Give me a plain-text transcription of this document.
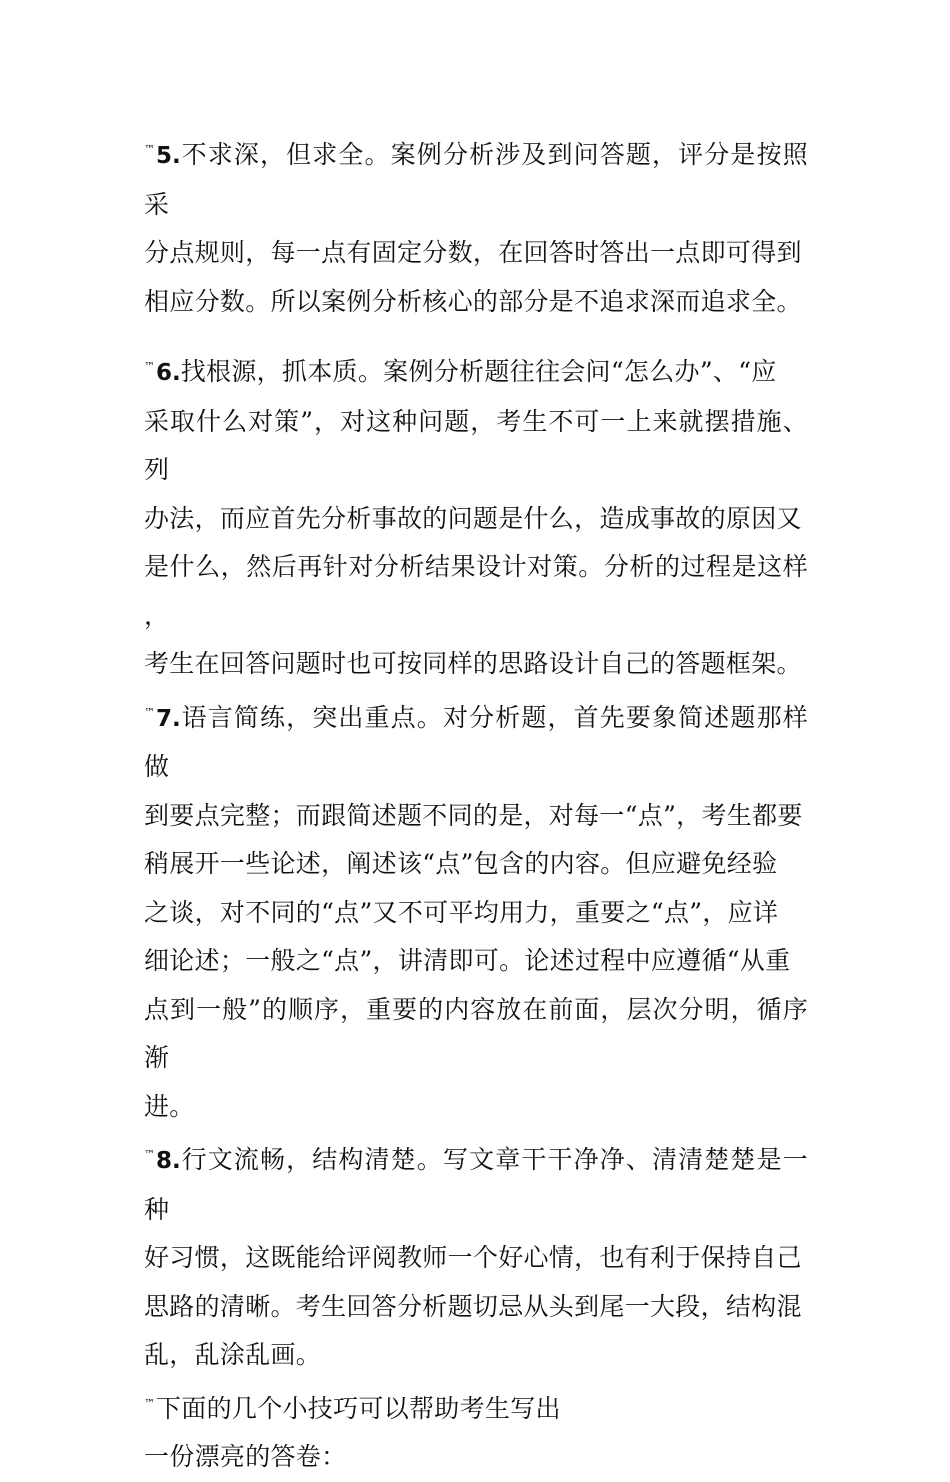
™5.不求深，但求全。案例分析涉及到问答题，评分是按照采
分点规则，每一点有固定分数，在回答时答出一点即可得到
相应分数。所以案例分析核心的部分是不追求深而追求全。

™6.找根源，抓本质。案例分析题往往会问“怎么办”、“应
采取什么对策”，对这种问题，考生不可一上来就摆措施、列
办法，而应首先分析事故的问题是什么，造成事故的原因又
是什么，然后再针对分析结果设计对策。分析的过程是这样，
考生在回答问题时也可按同样的思路设计自己的答题框架。

™7.语言简练，突出重点。对分析题，首先要象简述题那样做
到要点完整；而跟简述题不同的是，对每一“点”，考生都要
稍展开一些论述，阐述该“点”包含的内容。但应避免经验
之谈，对不同的“点”又不可平均用力，重要之“点”，应详
细论述；一般之“点”，讲清即可。论述过程中应遵循“从重
点到一般”的顺序，重要的内容放在前面，层次分明，循序渐
进。

™8.行文流畅，结构清楚。写文章干干净净、清清楚楚是一种
好习惯，这既能给评阅教师一个好心情，也有利于保持自己
思路的清晰。考生回答分析题切忌从头到尾一大段，结构混
乱，乱涂乱画。

™下面的几个小技巧可以帮助考生写出
一份漂亮的答卷：
